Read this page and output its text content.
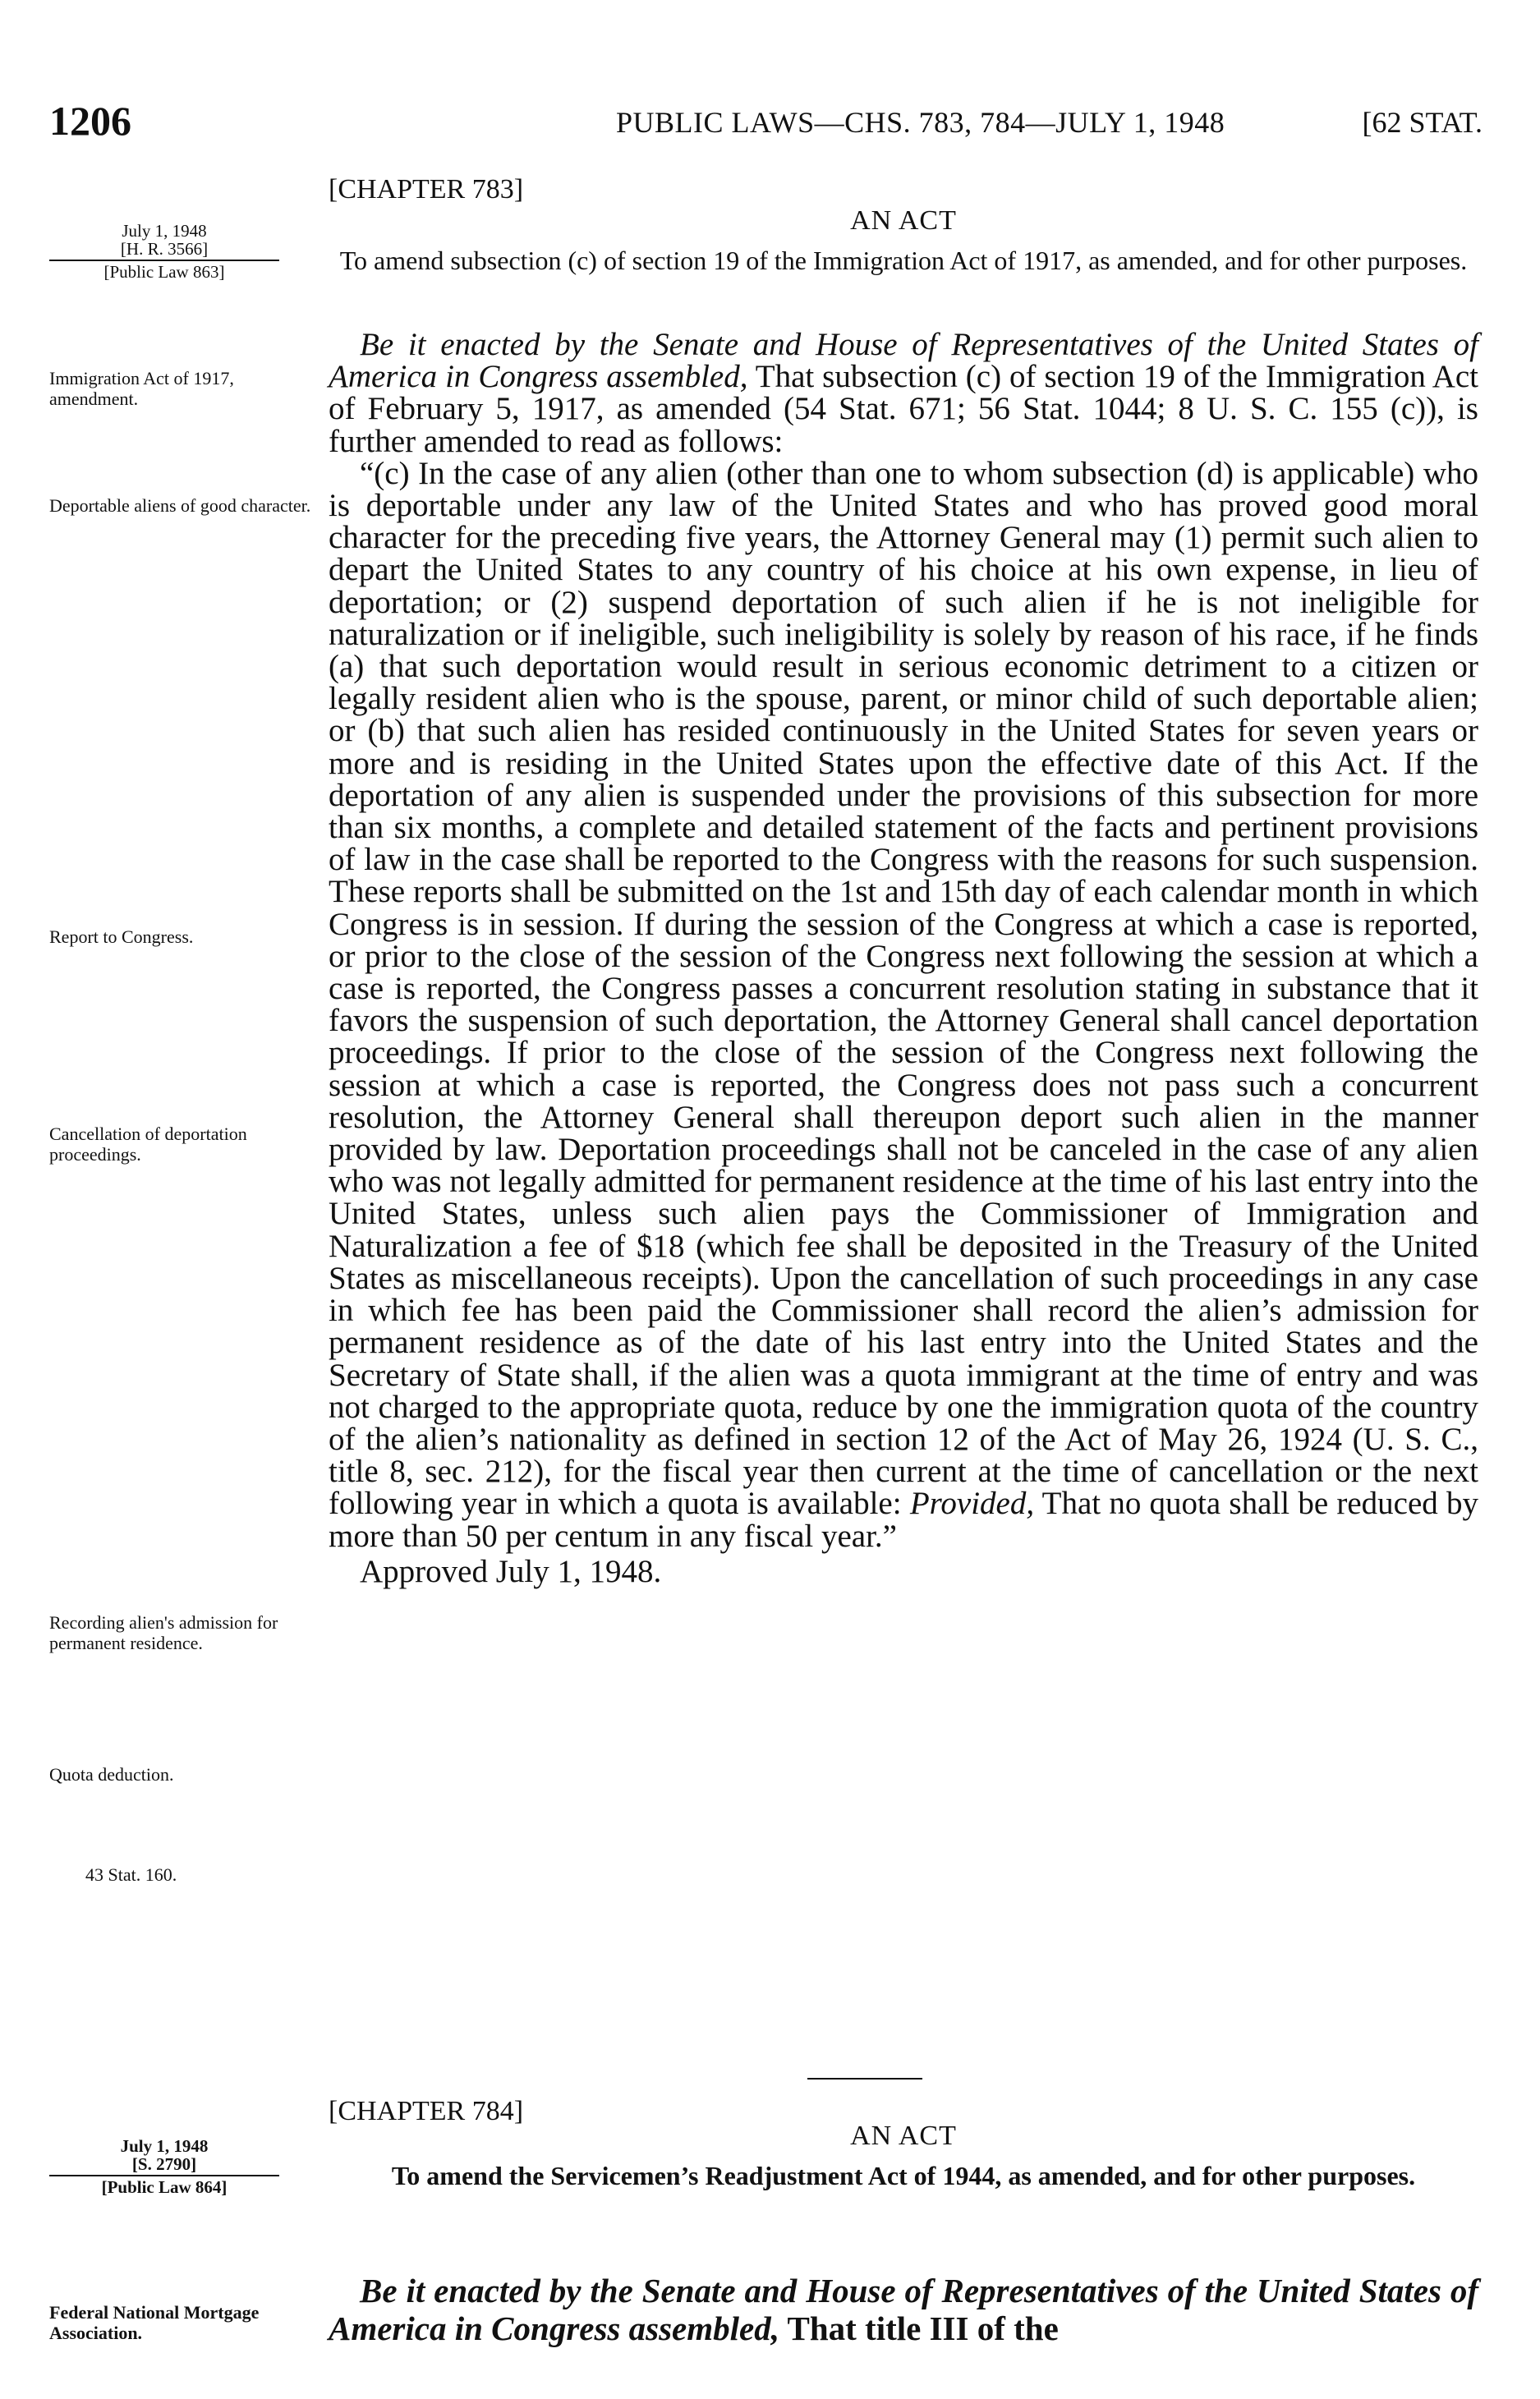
1206	PUBLIC LAWS—CHS. 783, 784—JULY 1, 1948	[62 STAT.
[CHAPTER 783]
AN ACT
To amend subsection (c) of section 19 of the Immigration Act of 1917, as amended, and for other purposes.
July 1, 1948
[H. R. 3566]
[Public Law 863]
Immigration Act of 1917, amendment.
Deportable aliens of good character.
Report to Congress.
Cancellation of deportation proceedings.
Recording alien's admission for permanent residence.
Quota deduction.
43 Stat. 160.

Be it enacted by the Senate and House of Representatives of the United States of America in Congress assembled, That subsection (c) of section 19 of the Immigration Act of February 5, 1917, as amended (54 Stat. 671; 56 Stat. 1044; 8 U. S. C. 155 (c)), is further amended to read as follows:

“(c) In the case of any alien (other than one to whom subsection (d) is applicable) who is deportable under any law of the United States and who has proved good moral character for the preceding five years, the Attorney General may (1) permit such alien to depart the United States to any country of his choice at his own expense, in lieu of deportation; or (2) suspend deportation of such alien if he is not ineligible for naturalization or if ineligible, such ineligibility is solely by reason of his race, if he finds (a) that such deportation would result in serious economic detriment to a citizen or legally resident alien who is the spouse, parent, or minor child of such deportable alien; or (b) that such alien has resided continuously in the United States for seven years or more and is residing in the United States upon the effective date of this Act. If the deportation of any alien is suspended under the provisions of this subsection for more than six months, a complete and detailed statement of the facts and pertinent provisions of law in the case shall be reported to the Congress with the reasons for such suspension. These reports shall be submitted on the 1st and 15th day of each calendar month in which Congress is in session. If during the session of the Congress at which a case is reported, or prior to the close of the session of the Congress next following the session at which a case is reported, the Congress passes a concurrent resolution stating in substance that it favors the suspension of such deportation, the Attorney General shall cancel deportation proceedings. If prior to the close of the session of the Congress next following the session at which a case is reported, the Congress does not pass such a concurrent resolution, the Attorney General shall thereupon deport such alien in the manner provided by law. Deportation proceedings shall not be canceled in the case of any alien who was not legally admitted for permanent residence at the time of his last entry into the United States, unless such alien pays the Commissioner of Immigration and Naturalization a fee of $18 (which fee shall be deposited in the Treasury of the United States as miscellaneous receipts). Upon the cancellation of such proceedings in any case in which fee has been paid the Commissioner shall record the alien’s admission for permanent residence as of the date of his last entry into the United States and the Secretary of State shall, if the alien was a quota immigrant at the time of entry and was not charged to the appropriate quota, reduce by one the immigration quota of the country of the alien’s nationality as defined in section 12 of the Act of May 26, 1924 (U. S. C., title 8, sec. 212), for the fiscal year then current at the time of cancellation or the next following year in which a quota is available: Provided, That no quota shall be reduced by more than 50 per centum in any fiscal year.”

Approved July 1, 1948.

[CHAPTER 784]
AN ACT
To amend the Servicemen’s Readjustment Act of 1944, as amended, and for other purposes.
July 1, 1948
[S. 2790]
[Public Law 864]
Federal National Mortgage Association.

Be it enacted by the Senate and House of Representatives of the United States of America in Congress assembled, That title III of the
